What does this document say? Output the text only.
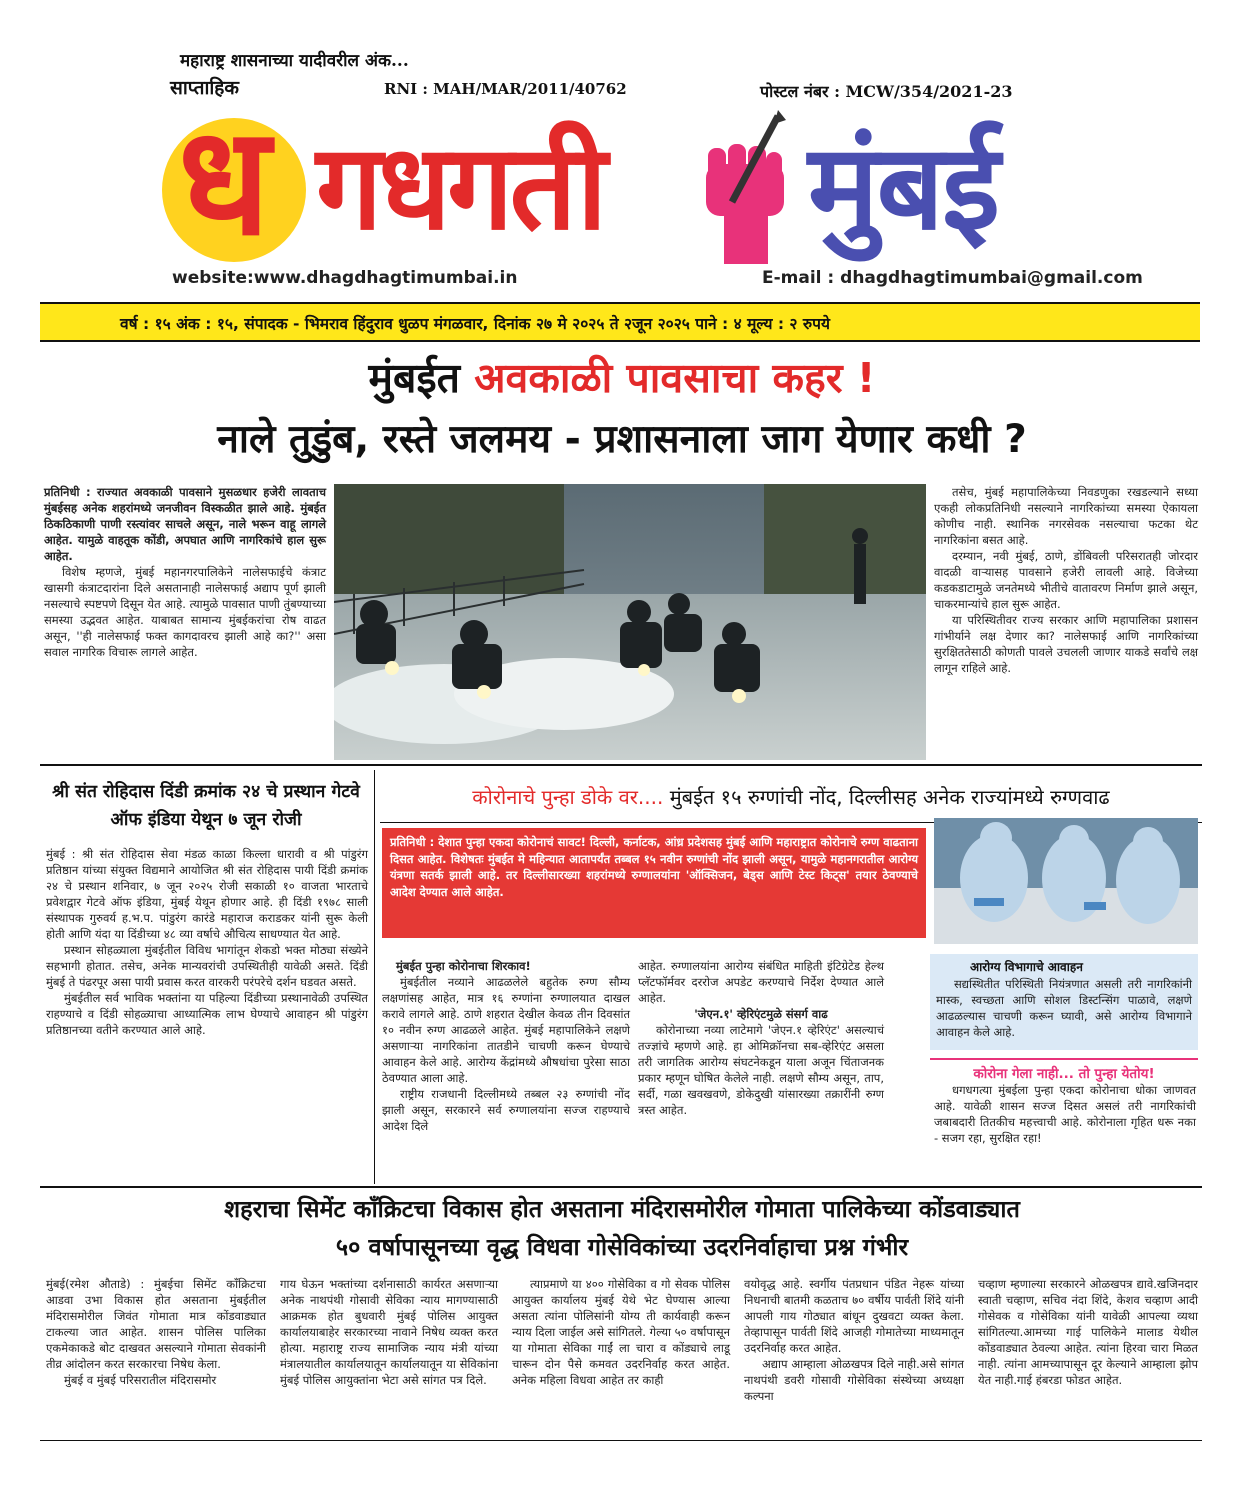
महाराष्ट्र शासनाच्या यादीवरील अंक...
साप्ताहिक	RNI : MAH/MAR/2011/40762	पोस्टल नंबर : MCW/354/2021-23
ध गधगती मुंबई
website:www.dhagdhagtimumbai.in	E-mail : dhagdhagtimumbai@gmail.com
वर्ष : १५ अंक : १५, संपादक - भिमराव हिंदुराव धुळप मंगळवार, दिनांक २७ मे २०२५ ते २जून २०२५ पाने : ४ मूल्य : २ रुपये
मुंबईत अवकाळी पावसाचा कहर !
नाले तुडुंब, रस्ते जलमय - प्रशासनाला जाग येणार कधी ?

प्रतिनिधी : राज्यात अवकाळी पावसाने मुसळधार हजेरी लावताच मुंबईसह अनेक शहरांमध्ये जनजीवन विस्कळीत झाले आहे. मुंबईत ठिकठिकाणी पाणी रस्त्यांवर साचले असून, नाले भरून वाहू लागले आहेत. यामुळे वाहतूक कोंडी, अपघात आणि नागरिकांचे हाल सुरू आहेत.

विशेष म्हणजे, मुंबई महानगरपालिकेने नालेसफाईचे कंत्राट खासगी कंत्राटदारांना दिले असतानाही नालेसफाई अद्याप पूर्ण झाली नसल्याचे स्पष्टपणे दिसून येत आहे. त्यामुळे पावसात पाणी तुंबण्याच्या समस्या उद्भवत आहेत. याबाबत सामान्य मुंबईकरांचा रोष वाढत असून, ''ही नालेसफाई फक्त कागदावरच झाली आहे का?'' असा सवाल नागरिक विचारू लागले आहेत.

तसेच, मुंबई महापालिकेच्या निवडणुका रखडल्याने सध्या एकही लोकप्रतिनिधी नसल्याने नागरिकांच्या समस्या ऐकायला कोणीच नाही. स्थानिक नगरसेवक नसल्याचा फटका थेट नागरिकांना बसत आहे.

दरम्यान, नवी मुंबई, ठाणे, डोंबिवली परिसरातही जोरदार वादळी वाऱ्यासह पावसाने हजेरी लावली आहे. विजेच्या कडकडाटामुळे जनतेमध्ये भीतीचे वातावरण निर्माण झाले असून, चाकरमान्यांचे हाल सुरू आहेत.

या परिस्थितीवर राज्य सरकार आणि महापालिका प्रशासन गांभीर्याने लक्ष देणार का? नालेसफाई आणि नागरिकांच्या सुरक्षिततेसाठी कोणती पावले उचलली जाणार याकडे सर्वांचे लक्ष लागून राहिले आहे.

श्री संत रोहिदास दिंडी क्रमांक २४ चे प्रस्थान गेटवे ऑफ इंडिया येथून ७ जून रोजी

मुंबई : श्री संत रोहिदास सेवा मंडळ काळा किल्ला धारावी व श्री पांडुरंग प्रतिष्ठान यांच्या संयुक्त विद्यमाने आयोजित श्री संत रोहिदास पायी दिंडी क्रमांक २४ चे प्रस्थान शनिवार, ७ जून २०२५ रोजी सकाळी १० वाजता भारताचे प्रवेशद्वार गेटवे ऑफ इंडिया, मुंबई येथून होणार आहे. ही दिंडी १९७८ साली संस्थापक गुरुवर्य ह.भ.प. पांडुरंग कारंडे महाराज कराडकर यांनी सुरू केली होती आणि यंदा या दिंडीच्या ४८ व्या वर्षाचे औचित्य साधण्यात येत आहे.

प्रस्थान सोहळ्याला मुंबईतील विविध भागांतून शेकडो भक्त मोठ्या संख्येने सहभागी होतात. तसेच, अनेक मान्यवरांची उपस्थितीही यावेळी असते. दिंडी मुंबई ते पंढरपूर असा पायी प्रवास करत वारकरी परंपरेचे दर्शन घडवत असते.

मुंबईतील सर्व भाविक भक्तांना या पहिल्या दिंडीच्या प्रस्थानावेळी उपस्थित राहण्याचे व दिंडी सोहळ्याचा आध्यात्मिक लाभ घेण्याचे आवाहन श्री पांडुरंग प्रतिष्ठानच्या वतीने करण्यात आले आहे.

कोरोनाचे पुन्हा डोके वर.... मुंबईत १५ रुग्णांची नोंद, दिल्लीसह अनेक राज्यांमध्ये रुग्णवाढ
प्रतिनिधी : देशात पुन्हा एकदा कोरोनाचं सावट! दिल्ली, कर्नाटक, आंध्र प्रदेशसह मुंबई आणि महाराष्ट्रात कोरोनाचे रुग्ण वाढताना दिसत आहेत. विशेषतः मुंबईत मे महिन्यात आतापर्यंत तब्बल १५ नवीन रुग्णांची नोंद झाली असून, यामुळे महानगरातील आरोग्य यंत्रणा सतर्क झाली आहे. तर दिल्लीसारख्या शहरांमध्ये रुग्णालयांना 'ऑक्सिजन, बेड्स आणि टेस्ट किट्स' तयार ठेवण्याचे आदेश देण्यात आले आहेत.
मुंबईत पुन्हा कोरोनाचा शिरकाव!

मुंबईतील नव्याने आढळलेले बहुतेक रुग्ण सौम्य लक्षणांसह आहेत, मात्र १६ रुग्णांना रुग्णालयात दाखल करावे लागले आहे. ठाणे शहरात देखील केवळ तीन दिवसांत १० नवीन रुग्ण आढळले आहेत. मुंबई महापालिकेने लक्षणे असणाऱ्या नागरिकांना तातडीने चाचणी करून घेण्याचे आवाहन केले आहे. आरोग्य केंद्रांमध्ये औषधांचा पुरेसा साठा ठेवण्यात आला आहे.

राष्ट्रीय राजधानी दिल्लीमध्ये तब्बल २३ रुग्णांची नोंद झाली असून, सरकारने सर्व रुग्णालयांना सज्ज राहण्याचे आदेश दिले

आहेत. रुग्णालयांना आरोग्य संबंधित माहिती इंटिग्रेटेड हेल्थ प्लॅटफॉर्मवर दररोज अपडेट करण्याचे निर्देश देण्यात आले आहेत.

'जेएन.१' व्हेरिएंटमुळे संसर्ग वाढ

कोरोनाच्या नव्या लाटेमागे 'जेएन.१ व्हेरिएंट' असल्याचं तज्ज्ञांचे म्हणणे आहे. हा ओमिक्रॉनचा सब-व्हेरिएंट असला तरी जागतिक आरोग्य संघटनेकडून याला अजून चिंताजनक प्रकार म्हणून घोषित केलेले नाही. लक्षणे सौम्य असून, ताप, सर्दी, गळा खवखवणे, डोकेदुखी यांसारख्या तक्रारींनी रुग्ण त्रस्त आहेत.

आरोग्य विभागाचे आवाहन
सद्यस्थितीत परिस्थिती नियंत्रणात असली तरी नागरिकांनी मास्क, स्वच्छता आणि सोशल डिस्टन्सिंग पाळावे, लक्षणे आढळल्यास चाचणी करून घ्यावी, असे आरोग्य विभागाने आवाहन केले आहे.
कोरोना गेला नाही... तो पुन्हा येतोय!
धगधगत्या मुंबईला पुन्हा एकदा कोरोनाचा धोका जाणवत आहे. यावेळी शासन सज्ज दिसत असलं तरी नागरिकांची जबाबदारी तितकीच महत्त्वाची आहे. कोरोनाला गृहित धरू नका - सजग रहा, सुरक्षित रहा!
शहराचा सिमेंट कॉंक्रिटचा विकास होत असताना मंदिरासमोरील गोमाता पालिकेच्या कोंडवाड्यात
५० वर्षापासूनच्या वृद्ध विधवा गोसेविकांच्या उदरनिर्वाहाचा प्रश्न गंभीर

मुंबई(रमेश औताडे) : मुंबईचा सिमेंट कॉंक्रिटचा आडवा उभा विकास होत असताना मुंबईतील मंदिरासमोरील जिवंत गोमाता मात्र कोंडवाड्यात टाकल्या जात आहेत. शासन पोलिस पालिका एकमेकाकडे बोट दाखवत असल्याने गोमाता सेवकांनी तीव्र आंदोलन करत सरकारचा निषेध केला.

मुंबई व मुंबई परिसरातील मंदिरासमोर

गाय घेऊन भक्तांच्या दर्शनासाठी कार्यरत असणाऱ्या अनेक नाथपंथी गोसावी सेविका न्याय मागण्यासाठी आक्रमक होत बुधवारी मुंबई पोलिस आयुक्त कार्यालयाबाहेर सरकारच्या नावाने निषेध व्यक्त करत होत्या. महाराष्ट्र राज्य सामाजिक न्याय मंत्री यांच्या मंत्रालयातील कार्यालयातून कार्यालयातून या सेविकांना मुंबई पोलिस आयुक्तांना भेटा असे सांगत पत्र दिले.

त्याप्रमाणे या ४०० गोसेविका व गो सेवक पोलिस आयुक्त कार्यालय मुंबई येथे भेट घेण्यास आल्या असता त्यांना पोलिसांनी योग्य ती कार्यवाही करून न्याय दिला जाईल असे सांगितले. गेल्या ५० वर्षापासून या गोमाता सेविका गाईं ला चारा व कोंड्याचे लाडू चारून दोन पैसे कमवत उदरनिर्वाह करत आहेत. अनेक महिला विधवा आहेत तर काही

वयोवृद्ध आहे. स्वर्गीय पंतप्रधान पंडित नेहरू यांच्या निधनाची बातमी कळताच ७० वर्षीय पार्वती शिंदे यांनी आपली गाय गोठ्यात बांधून दुखवटा व्यक्त केला. तेव्हापासून पार्वती शिंदे आजही गोमातेच्या माध्यमातून उदरनिर्वाह करत आहेत.

अद्याप आम्हाला ओळखपत्र दिले नाही.असे सांगत नाथपंथी डवरी गोसावी गोसेविका संस्थेच्या अध्यक्षा कल्पना

चव्हाण म्हणाल्या सरकारने ओळखपत्र द्यावे.खजिनदार स्वाती चव्हाण, सचिव नंदा शिंदे, केशव चव्हाण आदी गोसेवक व गोसेविका यांनी यावेळी आपल्या व्यथा सांगितल्या.आमच्या गाई पालिकेने मालाड येथील कोंडवाड्यात ठेवल्या आहेत. त्यांना हिरवा चारा मिळत नाही. त्यांना आमच्यापासून दूर केल्याने आम्हाला झोप येत नाही.गाई हंबरडा फोडत आहेत.
